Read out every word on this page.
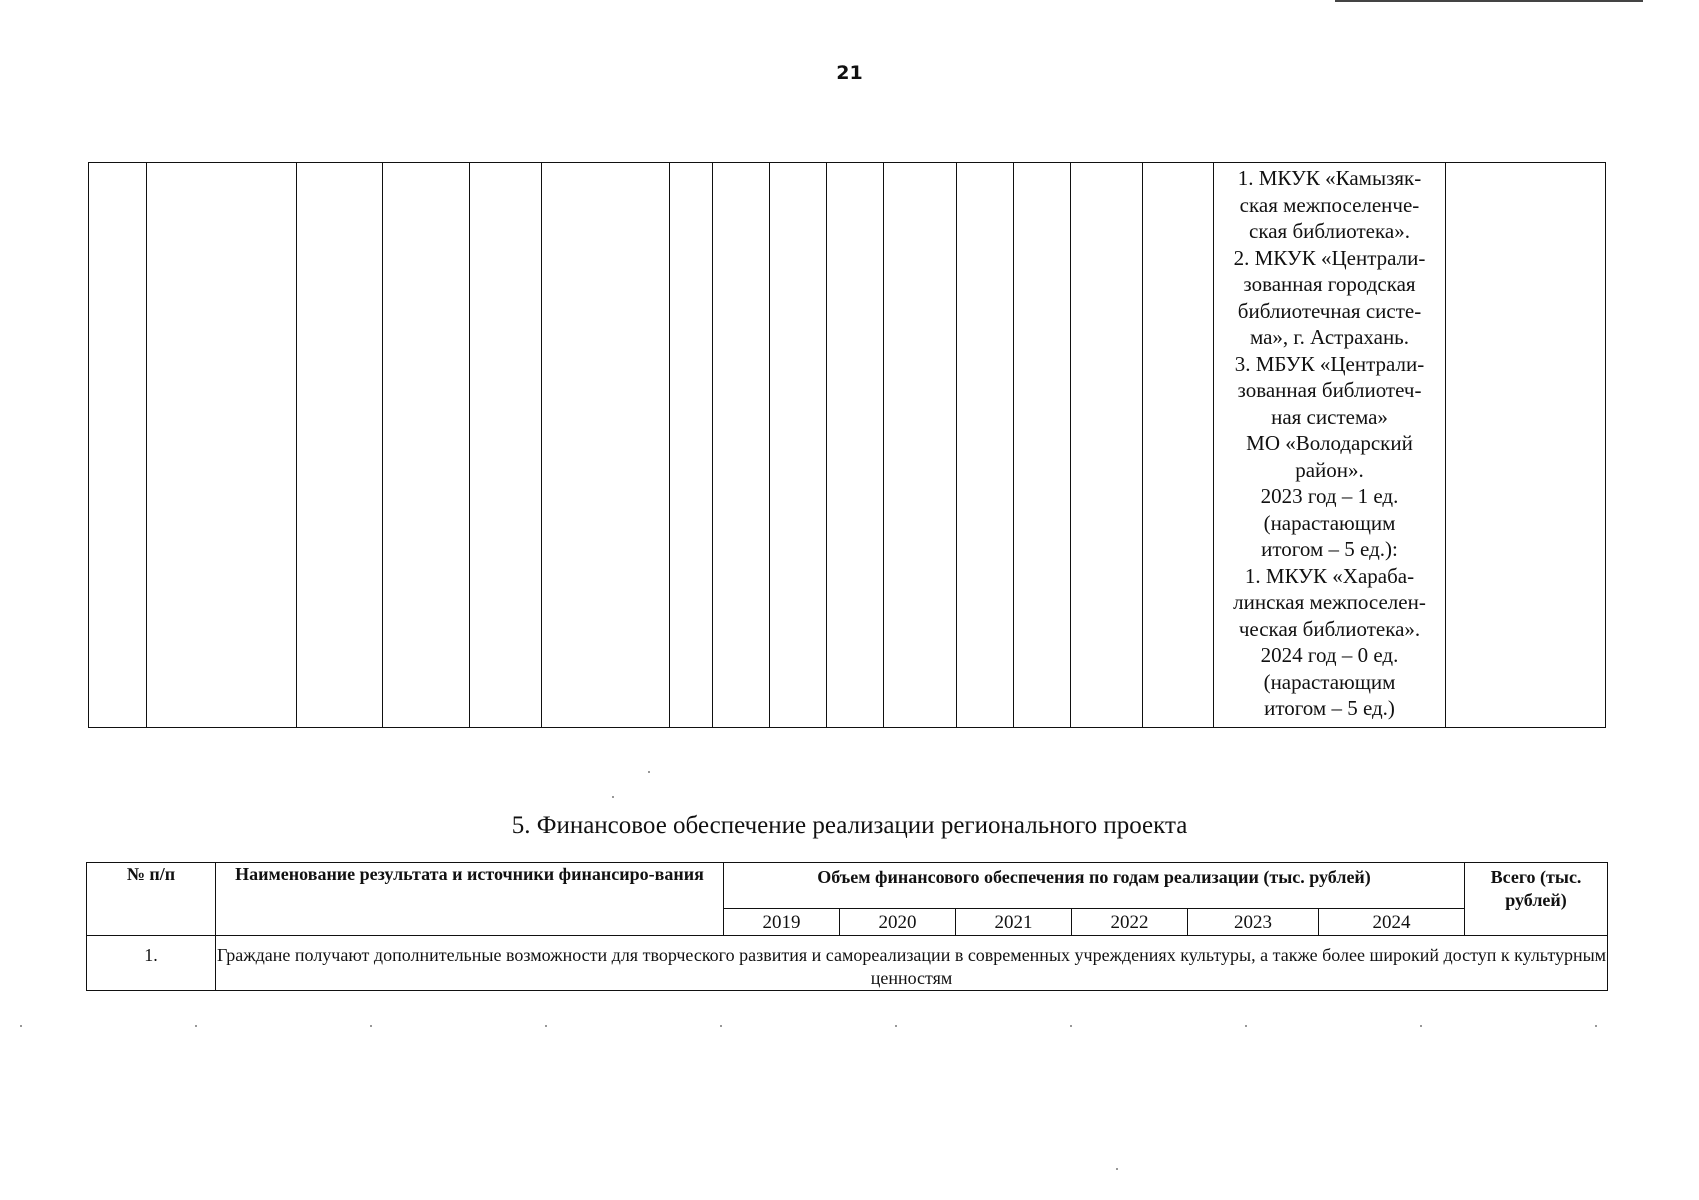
21

1. МКУК «Камызяк-
ская межпоселенче-
ская библиотека».
2. МКУК «Централи-
зованная городская
библиотечная систе-
ма», г. Астрахань.
3. МБУК «Централи-
зованная библиотеч-
ная система»
МО «Володарский
район».
2023 год – 1 ед.
(нарастающим
итогом – 5 ед.):
1. МКУК «Хараба-
линская межпоселен-
ческая библиотека».
2024 год – 0 ед.
(нарастающим
итогом – 5 ед.)

5. Финансовое обеспечение реализации регионального проекта
№ п/п	Наименование результата и источники финансиро-вания	Объем финансового обеспечения по годам реализации (тыс. рублей)						Всего (тыс. рублей)
		2019	2020	2021	2022	2023	2024	
1.	Граждане получают дополнительные возможности для творческого развития и самореализации в современных учреждениях культуры, а также более широкий доступ к культурным ценностям							
